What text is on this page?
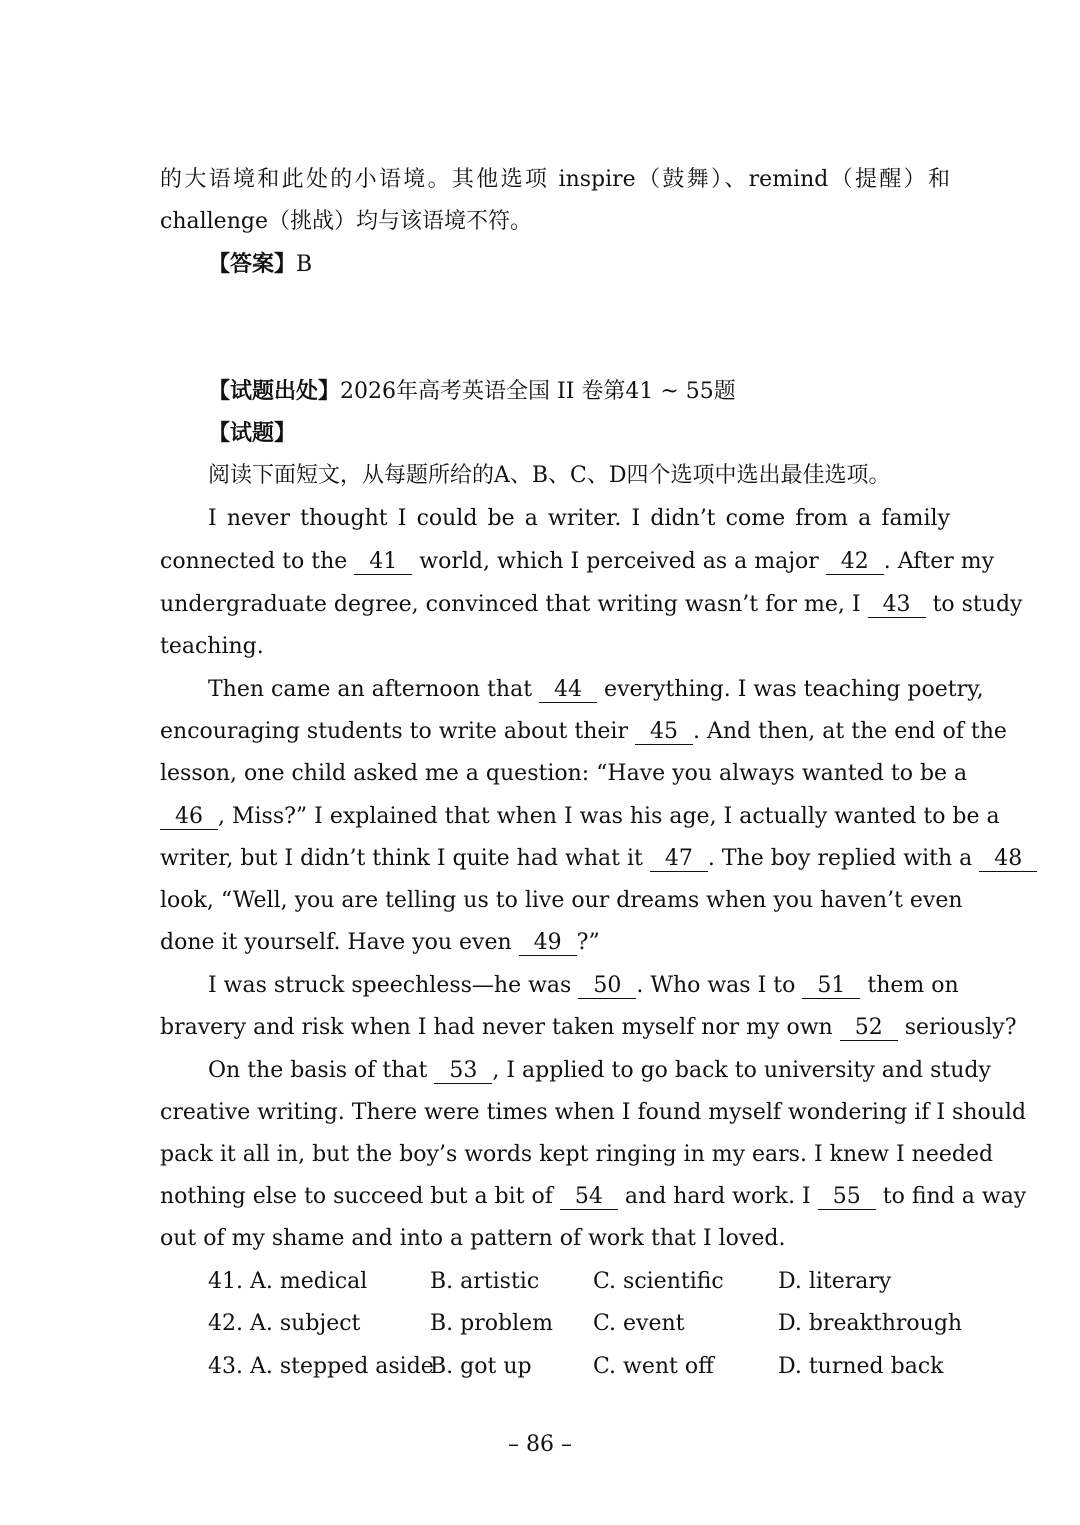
的大语境和此处的小语境。其他选项 inspire（鼓舞）、remind（提醒）和
challenge（挑战）均与该语境不符。
【答案】B
【试题出处】2026年高考英语全国 II 卷第41 ~ 55题
【试题】
阅读下面短文，从每题所给的A、B、C、D四个选项中选出最佳选项。
I never thought I could be a writer. I didn’t come from a family
connected to the 41 world, which I perceived as a major 42 . After my
undergraduate degree, convinced that writing wasn’t for me, I 43 to study
teaching.
Then came an afternoon that 44 everything. I was teaching poetry,
encouraging students to write about their 45 . And then, at the end of the
lesson, one child asked me a question: “Have you always wanted to be a
46 , Miss?” I explained that when I was his age, I actually wanted to be a
writer, but I didn’t think I quite had what it 47 . The boy replied with a 48
look, “Well, you are telling us to live our dreams when you haven’t even
done it yourself. Have you even 49 ?”
I was struck speechless—he was 50 . Who was I to 51 them on
bravery and risk when I had never taken myself nor my own 52 seriously?
On the basis of that 53 , I applied to go back to university and study
creative writing. There were times when I found myself wondering if I should
pack it all in, but the boy’s words kept ringing in my ears. I knew I needed
nothing else to succeed but a bit of 54 and hard work. I 55 to find a way
out of my shame and into a pattern of work that I loved.
41. A. medical	B. artistic C. scientific D. literary
42. A. subject	B. problem C. event	D. breakthrough
43. A. stepped aside
B. got up	C. went off	D. turned back
– 86 –
